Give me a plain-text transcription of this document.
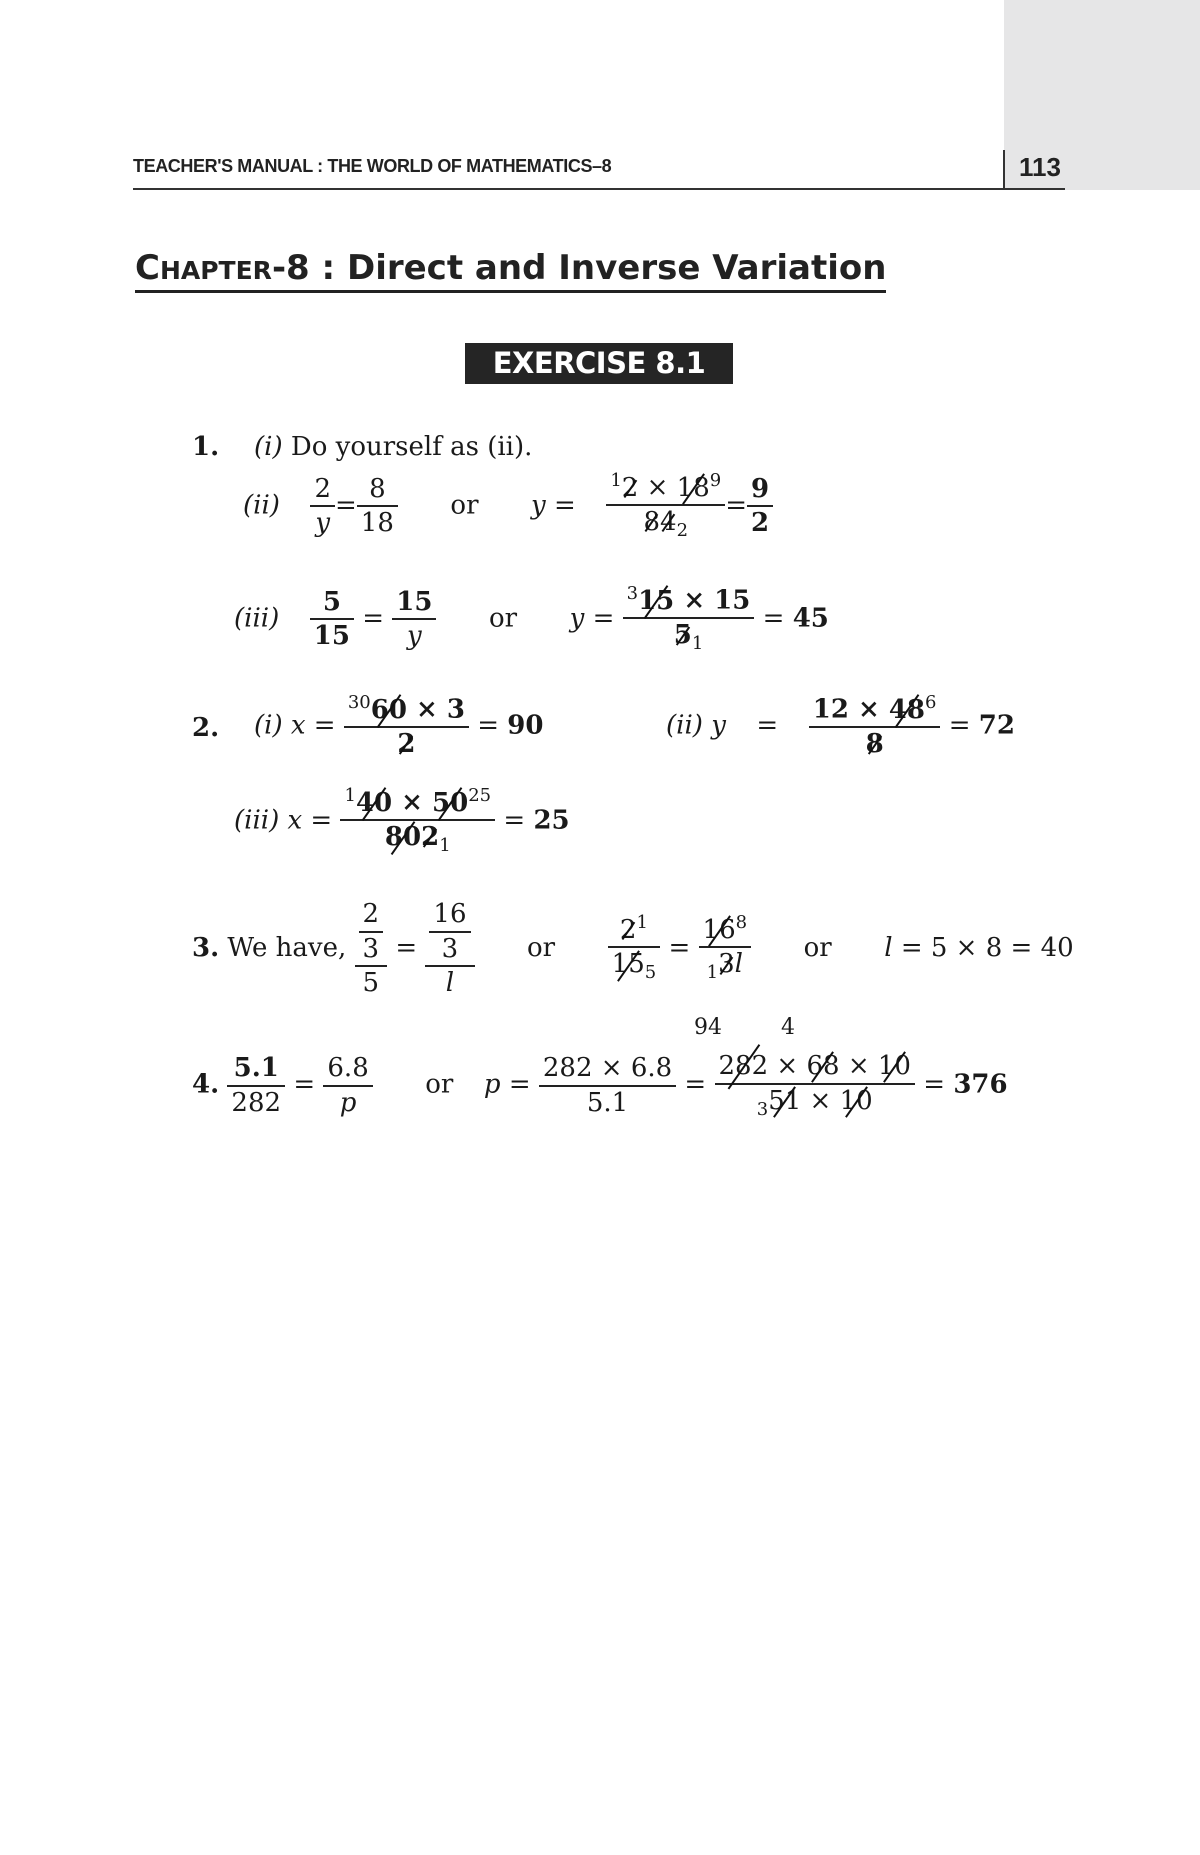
TEACHER'S MANUAL : THE WORLD OF MATHEMATICS–8	113
CHAPTER-8 : Direct and Inverse Variation
EXERCISE 8.1
1. (i) Do yourself as (ii).
$(ii) \frac{2}{y} = \frac{8}{18}$ or $y = \frac{^12 \times 18^9}{84_2} = \frac{9}{2}$
$(iii) \frac{5}{15} = \frac{15}{y}$ or $y = \frac{^315 \times 15}{5_1} = 45$
2. (i) $x = \frac{^{30}60 \times 3}{2} = 90$	(ii) $y = \frac{12 \times 48^6}{8} = 72$
(iii) $x = \frac{^140 \times 50^{25}}{802_1} = 25$
3. We have, $\frac{\frac{2}{3}}{5} = \frac{\frac{16}{3}}{l}$ or $\frac{2^1}{15_5} = \frac{16^8}{_13l}$ or l = 5 × 8 = 40
94	4
4. $\frac{5.1}{282} = \frac{6.8}{p}$ or $p = \frac{282 \times 6.8}{5.1} = \frac{282 \times 68 \times 10}{_351 \times 10} = 376$
